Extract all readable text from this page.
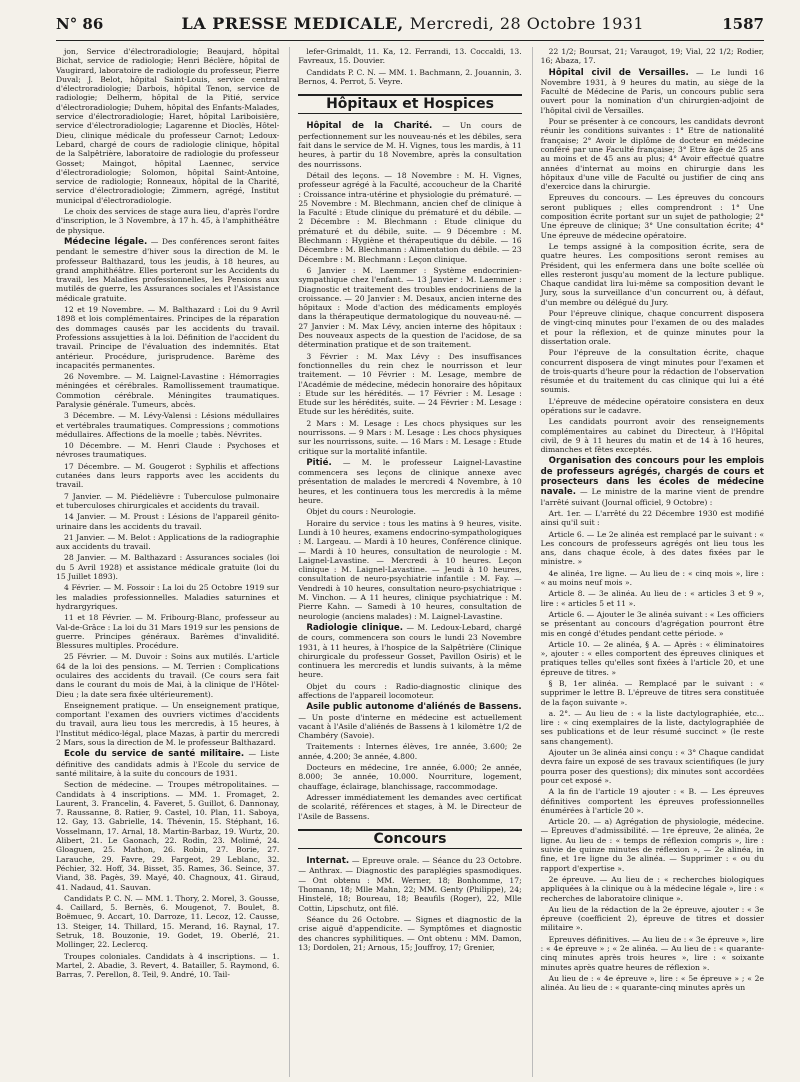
N° 86	LA PRESSE MEDICALE, Mercredi, 28 Octobre 1931	1587

jon, Service d'électroradiologie; Beaujard, hôpital Bichat, service de radiologie; Henri Béclère, hôpital de Vaugirard, laboratoire de radiologie du professeur, Pierre Duval; J. Belot, hôpital Saint-Louis, service central d'électroradiologie; Darbois, hôpital Tenon, service de radiologie; Delherm, hôpital de la Pitié, service d'électroradiologie; Duhem, hôpital des Enfants-Malades, service d'électroradiologie; Haret, hôpital Lariboisière, service d'électroradiologie; Lagarenne et Dioclès, Hôtel-Dieu, clinique médicale du professeur Carnot; Ledoux-Lebard, chargé de cours de radiologie clinique, hôpital de la Salpêtrière, laboratoire de radiologie du professeur Gosset; Maingot, hôpital Laennec, service d'électroradiologie; Solomon, hôpital Saint-Antoine, service de radiologie; Ronneaux, hôpital de la Charité, service d'électroradiologie; Zimmern, agrégé, Institut municipal d'électroradiologie.

Le choix des services de stage aura lieu, d'après l'ordre d'inscription, le 3 Novembre, à 17 h. 45, à l'amphithéâtre de physique.

Médecine légale. — Des conférences seront faites pendant le semestre d'hiver sous la direction de M. le professeur Balthazard, tous les jeudis, à 18 heures, au grand amphithéâtre. Elles porteront sur les Accidents du travail, les Maladies professionnelles, les Pensions aux mutilés de guerre, les Assurances sociales et l'Assistance médicale gratuite.

12 et 19 Novembre. — M. Balthazard : Loi du 9 Avril 1898 et lois complémentaires. Principes de la réparation des dommages causés par les accidents du travail. Professions assujetties à la loi. Définition de l'accident du travail. Principe de l'évaluation des indemnités. Etat antérieur. Procédure, jurisprudence. Barème des incapacités permanentes.

26 Novembre. — M. Laignel-Lavastine : Hémorragies méningées et cérébrales. Ramollissement traumatique. Commotion cérébrale. Méningites traumatiques. Paralysie générale. Tumeurs, abcès.

3 Décembre. — M. Lévy-Valensi : Lésions médullaires et vertébrales traumatiques. Compressions ; commotions médullaires. Affections de la moelle ; tabès. Névrites.

10 Décembre. — M. Henri Claude : Psychoses et névroses traumatiques.

17 Décembre. — M. Gougerot : Syphilis et affections cutanées dans leurs rapports avec les accidents du travail.

7 Janvier. — M. Piédelièvre : Tuberculose pulmonaire et tuberculoses chirurgicales et accidents du travail.

14 Janvier. — M. Proust : Lésions de l'appareil génito-urinaire dans les accidents du travail.

21 Janvier. — M. Belot : Applications de la radiographie aux accidents du travail.

28 Janvier. — M. Balthazard : Assurances sociales (loi du 5 Avril 1928) et assistance médicale gratuite (loi du 15 Juillet 1893).

4 Février. — M. Fossoir : La loi du 25 Octobre 1919 sur les maladies professionnelles. Maladies saturnines et hydrargyriques.

11 et 18 Février. — M. Fribourg-Blanc, professeur au Val-de-Grâce : La loi du 31 Mars 1919 sur les pensions de guerre. Principes généraux. Barèmes d'invalidité. Blessures multiples. Procédure.

25 Février. — M. Duvoir : Soins aux mutilés. L'article 64 de la loi des pensions. — M. Terrien : Complications oculaires des accidents du travail. (Ce cours sera fait dans le courant du mois de Mai, à la clinique de l'Hôtel-Dieu ; la date sera fixée ultérieurement).

Enseignement pratique. — Un enseignement pratique, comportant l'examen des ouvriers victimes d'accidents du travail, aura lieu tous les mercredis, à 15 heures, à l'Institut médico-légal, place Mazas, à partir du mercredi 2 Mars, sous la direction de M. le professeur Balthazard.

Ecole du service de santé militaire. — Liste définitive des candidats admis à l'Ecole du service de santé militaire, à la suite du concours de 1931.

Section de médecine. — Troupes métropolitaines. — Candidats à 4 inscriptions. — MM. 1. Fromaget, 2. Laurent, 3. Francelin, 4. Faveret, 5. Guillot, 6. Dannonay, 7. Raussanne, 8. Ratier, 9. Castel, 10. Plan, 11. Saboya, 12. Gay, 13. Gabrielle, 14. Thévenin, 15. Stéphant, 16. Vosselmann, 17. Arnal, 18. Martin-Barbaz, 19. Wurtz, 20. Alibert, 21. Le Gaonach, 22. Rodin, 23. Molimé, 24. Gloaguen, 25. Mathon, 26. Robin, 27. Borie, 27. Larauche, 29. Favre, 29. Fargeot, 29 Leblanc, 32. Péchier, 32. Hoff, 34. Bisset, 35. Rames, 36. Seince, 37. Viand, 38. Pagès, 39. Mayé, 40. Chagnoux, 41. Giraud, 41. Nadaud, 41. Sauvan.

Candidats P. C. N. — MM. 1. Thory, 2. Morel, 3. Gousse, 4. Caillard, 5. Bernès, 6. Mougenot, 7. Boulet, 8. Boëmuec, 9. Accart, 10. Darroze, 11. Lecoz, 12. Causse, 13. Steiger, 14. Thillard, 15. Merand, 16. Raynal, 17. Setruk, 18. Bouzonie, 19. Godet, 19. Oberlé, 21. Mollinger, 22. Leclercq.

Troupes coloniales. Candidats à 4 inscriptions. — 1. Martel, 2. Abadie, 3. Revert, 4. Batailler, 5. Raymond, 6. Barras, 7. Perellon, 8. Teil, 9. André, 10. Tail-

lefer-Grimaldt, 11. Ka, 12. Ferrandi, 13. Coccaldi, 13. Favreaux, 15. Douvier.

Candidats P. C. N. — MM. 1. Bachmann, 2. Jouannin, 3. Bernos, 4. Perrot, 5. Veyre.

Hôpitaux et Hospices

Hôpital de la Charité. — Un cours de perfectionnement sur les nouveau-nés et les débiles, sera fait dans le service de M. H. Vignes, tous les mardis, à 11 heures, à partir du 18 Novembre, après la consultation des nourrissons.

Détail des leçons. — 18 Novembre : M. H. Vignes, professeur agrégé à la Faculté, accoucheur de la Charité : Croissance intra-utérine et physiologie du prématuré. — 25 Novembre : M. Blechmann, ancien chef de clinique à la Faculté : Etude clinique du prématuré et du débile. — 2 Décembre : M. Blechmann : Etude clinique du prématuré et du débile, suite. — 9 Décembre : M. Blechmann : Hygiène et thérapeutique du débile. — 16 Décembre : M. Blechmann : Alimentation du débile. — 23 Décembre : M. Blechmann : Leçon clinique.

6 Janvier : M. Laemmer : Système endocrinien-sympathique chez l'enfant. — 13 Janvier : M. Laemmer : Diagnostic et traitement des troubles endocriniens de la croissance. — 20 Janvier : M. Desaux, ancien interne des hôpitaux : Mode d'action des médicaments employés dans la thérapeutique dermatologique du nouveau-né. — 27 Janvier : M. Max Lévy, ancien interne des hôpitaux : Des nouveaux aspects de la question de l'acidose, de sa détermination pratique et de son traitement.

3 Février : M. Max Lévy : Des insuffisances fonctionnelles du rein chez le nourrisson et leur traitement. — 10 Février : M. Lesage, membre de l'Académie de médecine, médecin honoraire des hôpitaux : Etude sur les hérédités. — 17 Février : M. Lesage : Etude sur les hérédités, suite. — 24 Février : M. Lesage : Etude sur les hérédités, suite.

2 Mars : M. Lesage : Les chocs physiques sur les nourrissons. — 9 Mars : M. Lesage : Les chocs physiques sur les nourrissons, suite. — 16 Mars : M. Lesage : Etude critique sur la mortalité infantile.

Pitié. — M. le professeur Laignel-Lavastine commencera ses leçons de clinique annexe avec présentation de malades le mercredi 4 Novembre, à 10 heures, et les continuera tous les mercredis à la même heure.

Objet du cours : Neurologie.

Horaire du service : tous les matins à 9 heures, visite. Lundi à 10 heures, examens endocrino-sympathologiques : M. Largeau. — Mardi à 10 heures, Conférence clinique. — Mardi à 10 heures, consultation de neurologie : M. Laignel-Lavastine. — Mercredi à 10 heures. Leçon clinique : M. Laignel-Lavastine. — Jeudi à 10 heures, consultation de neuro-psychiatrie infantile : M. Fay. — Vendredi à 10 heures, consultation neuro-psychiatrique : M. Vinchon. — A 11 heures, clinique psychiatrique : M. Pierre Kahn. — Samedi à 10 heures, consultation de neurologie (anciens malades) : M. Laignel-Lavastine.

Radiologie clinique. — M. Ledoux-Lebard, chargé de cours, commencera son cours le lundi 23 Novembre 1931, à 11 heures, à l'hospice de la Salpêtrière (Clinique chirurgicale du professeur Gosset, Pavillon Osiris) et le continuera les mercredis et lundis suivants, à la même heure.

Objet du cours : Radio-diagnostic clinique des affections de l'appareil locomoteur.

Asile public autonome d'aliénés de Bassens. — Un poste d'interne en médecine est actuellement vacant à l'Asile d'aliénés de Bassens à 1 kilomètre 1/2 de Chambéry (Savoie).

Traitements : Internes élèves, 1re année, 3.600; 2e année, 4.200; 3e année, 4.800.

Docteurs en médecine, 1re année, 6.000; 2e année, 8.000; 3e année, 10.000. Nourriture, logement, chauffage, éclairage, blanchissage, raccommodage.

Adresser immédiatement les demandes avec certificat de scolarité, références et stages, à M. le Directeur de l'Asile de Bassens.

Concours

Internat. — Epreuve orale. — Séance du 23 Octobre. — Anthrax. — Diagnostic des paraplégies spasmodiques. — Ont obtenu : MM. Werner, 18; Bonhomme, 17; Thomann, 18; Mlle Mahn, 22; MM. Genty (Philippe), 24; Hinstelé, 18; Boureau, 18; Beaufils (Roger), 22, Mlle Cottin, Lipschutz, ont filé.

Séance du 26 Octobre. — Signes et diagnostic de la crise aiguë d'appendicite. — Symptômes et diagnostic des chancres syphilitiques. — Ont obtenu : MM. Damon, 13; Dordolen, 21; Arnous, 15; Jouffroy, 17; Grenier,

22 1/2; Boursat, 21; Varaugot, 19; Vial, 22 1/2; Rodier, 16; Abaza, 17.

Hôpital civil de Versailles. — Le lundi 16 Novembre 1931, à 9 heures du matin, au siège de la Faculté de Médecine de Paris, un concours public sera ouvert pour la nomination d'un chirurgien-adjoint de l'hôpital civil de Versailles.

Pour se présenter à ce concours, les candidats devront réunir les conditions suivantes : 1° Etre de nationalité française; 2° Avoir le diplôme de docteur en médecine conféré par une Faculté française; 3° Etre âgé de 25 ans au moins et de 45 ans au plus; 4° Avoir effectué quatre années d'internat au moins en chirurgie dans les hôpitaux d'une ville de Faculté ou justifier de cinq ans d'exercice dans la chirurgie.

Epreuves du concours. — Les épreuves du concours seront publiques ; elles comprendront : 1° Une composition écrite portant sur un sujet de pathologie; 2° Une épreuve de clinique; 3° Une consultation écrite; 4° Une épreuve de médecine opératoire.

Le temps assigné à la composition écrite, sera de quatre heures. Les compositions seront remises au Président, qui les enfermera dans une boîte scellée où elles resteront jusqu'au moment de la lecture publique. Chaque candidat lira lui-même sa composition devant le Jury, sous la surveillance d'un concurrent ou, à défaut, d'un membre ou délégué du Jury.

Pour l'épreuve clinique, chaque concurrent disposera de vingt-cinq minutes pour l'examen de ou des malades et pour la réflexion, et de quinze minutes pour la dissertation orale.

Pour l'épreuve de la consultation écrite, chaque concurrent disposera de vingt minutes pour l'examen et de trois-quarts d'heure pour la rédaction de l'observation résumée et du traitement du cas clinique qui lui a été soumis.

L'épreuve de médecine opératoire consistera en deux opérations sur le cadavre.

Les candidats pourront avoir des renseignements complémentaires au cabinet du Directeur, à l'Hôpital civil, de 9 à 11 heures du matin et de 14 à 16 heures, dimanches et fêtes exceptés.

Organisation des concours pour les emplois de professeurs agrégés, chargés de cours et prosecteurs dans les écoles de médecine navale. — Le ministre de la marine vient de prendre l'arrêté suivant (Journal officiel, 9 Octobre) :

Art. 1er. — L'arrêté du 22 Décembre 1930 est modifié ainsi qu'il suit :

Article 6. — Le 2e alinéa est remplacé par le suivant : « Les concours de professeurs agrégés ont lieu tous les ans, dans chaque école, à des dates fixées par le ministre. »

4e alinéa, 1re ligne. — Au lieu de : « cinq mois », lire : « au moins neuf mois ».

Article 8. — 3e alinéa. Au lieu de : « articles 3 et 9 », lire : « articles 5 et 11 ».

Article 6. — Ajouter le 3e alinéa suivant : « Les officiers se présentant au concours d'agrégation pourront être mis en congé d'études pendant cette période. »

Article 10. — 2e alinéa, § A. — Après : « éliminatoires », ajouter : « elles comportent des épreuves cliniques et pratiques telles qu'elles sont fixées à l'article 20, et une épreuve de titres. »

§ B, 1er alinéa. — Remplacé par le suivant : « supprimer le lettre B. L'épreuve de titres sera constituée de la façon suivante ».

a. 2°. — Au lieu de : « la liste dactylographiée, etc... lire : « cinq exemplaires de la liste, dactylographiée de ses publications et de leur résumé succinct » (le reste sans changement).

Ajouter un 3e alinéa ainsi conçu : « 3° Chaque candidat devra faire un exposé de ses travaux scientifiques (le jury pourra poser des questions); dix minutes sont accordées pour cet exposé ».

A la fin de l'article 19 ajouter : « B. — Les épreuves définitives comportent les épreuves professionnelles énumérées à l'article 20 ».

Article 20. — a) Agrégation de physiologie, médecine. — Epreuves d'admissibilité. — 1re épreuve, 2e alinéa, 2e ligne. Au lieu de : « temps de réflexion compris », lire : suivie de quinze minutes de réflexion », — 2e alinéa, in fine, et 1re ligne du 3e alinéa. — Supprimer : « ou du rapport d'expertise ».

2e épreuve. — Au lieu de : « recherches biologiques appliquées à la clinique ou à la médecine légale », lire : « recherches de laboratoire clinique ».

Au lieu de la rédaction de la 2e épreuve, ajouter : « 3e épreuve (coefficient 2), épreuve de titres et dossier militaire ».

Epreuves définitives. — Au lieu de : « 3e épreuve », lire : « 4e épreuve » ; « 2e alinéa. — Au lieu de : « quarante-cinq minutes après trois heures », lire : « soixante minutes après quatre heures de réflexion ».

Au lieu de : « 4e épreuve », lire : « 5e épreuve » ; « 2e alinéa. Au lieu de : « quarante-cinq minutes après un
